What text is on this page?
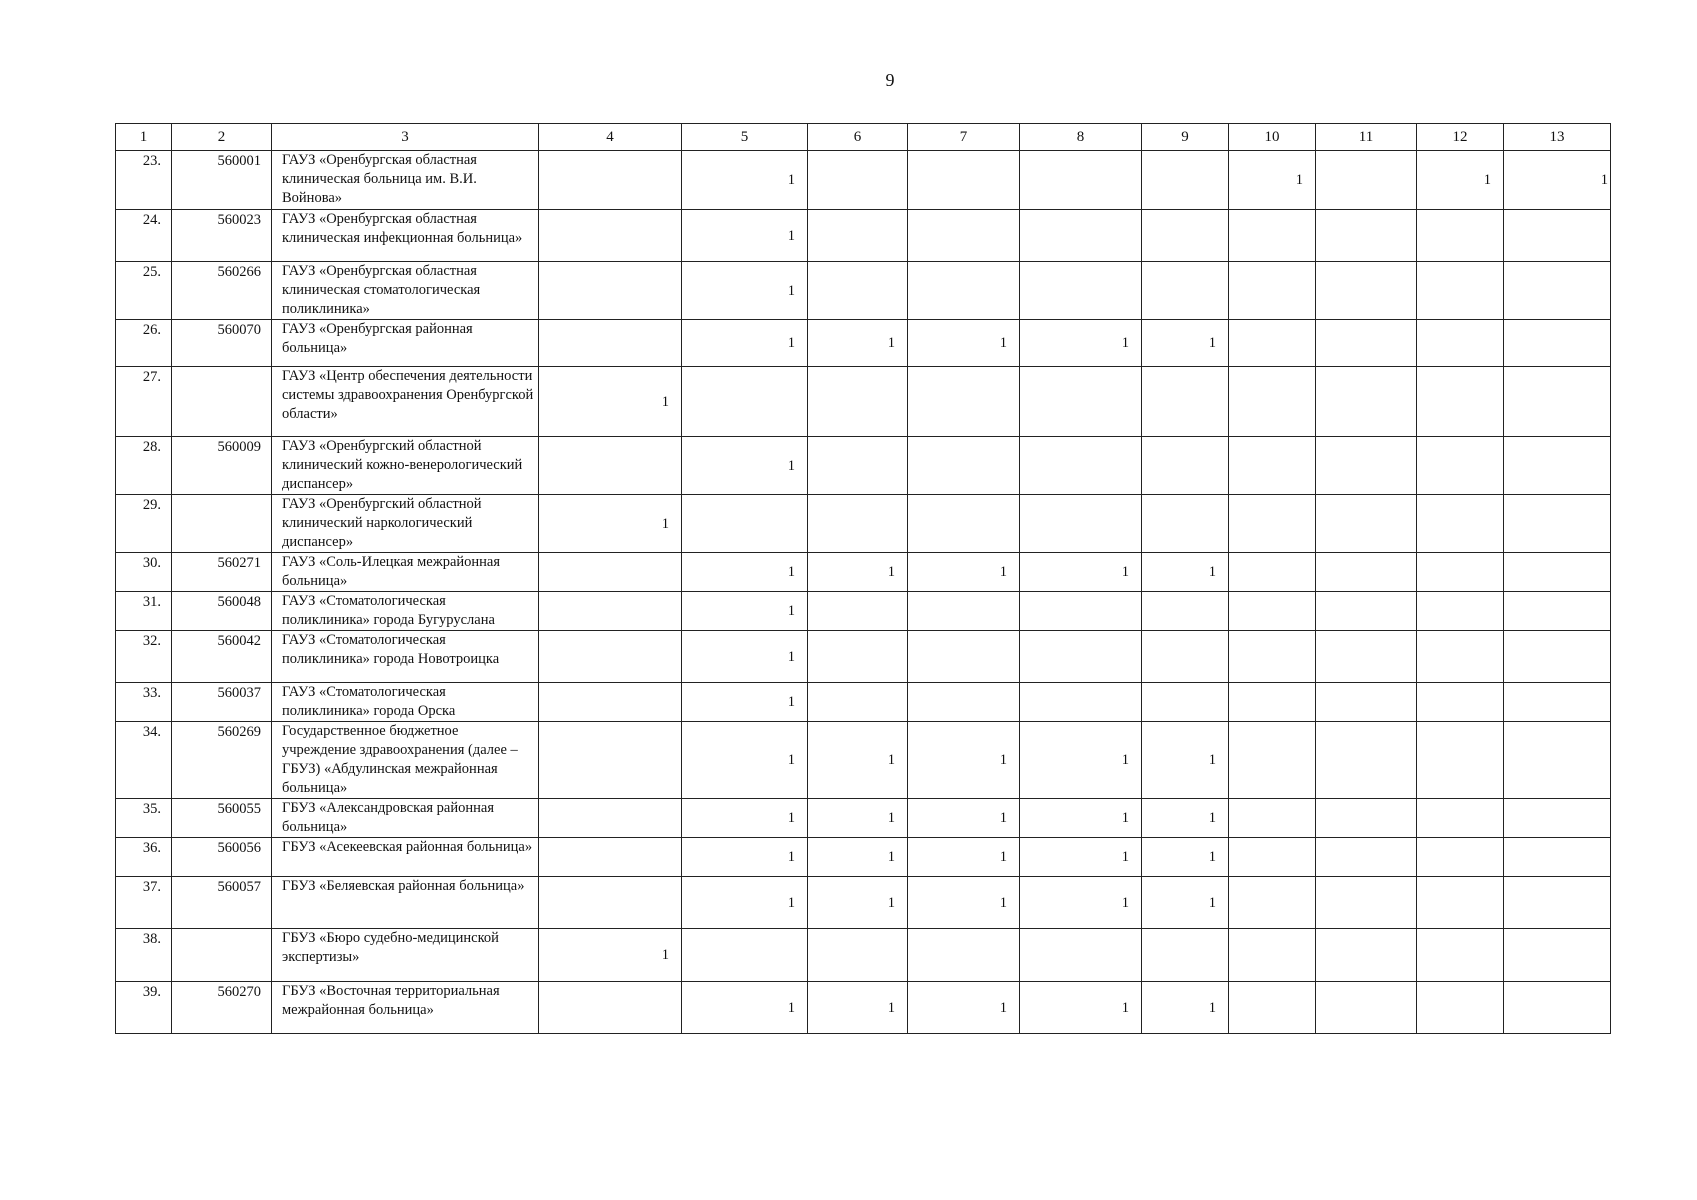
9
1	2	3	4	5	6	7	8	9	10	11	12	13
23.	560001	ГАУЗ «Оренбургская областная клиническая больница им. В.И. Войнова»		1					1		1	1
24.	560023	ГАУЗ «Оренбургская областная клиническая инфекционная больница»		1								
25.	560266	ГАУЗ «Оренбургская областная клиническая стоматологическая поликлиника»		1								
26.	560070	ГАУЗ «Оренбургская районная больница»		1	1	1	1	1				
27.		ГАУЗ «Центр обеспечения деятельности системы здравоохранения Оренбургской области»	1									
28.	560009	ГАУЗ «Оренбургский областной клинический кожно-венерологический диспансер»		1								
29.		ГАУЗ «Оренбургский областной клинический наркологический диспансер»	1									
30.	560271	ГАУЗ «Соль-Илецкая межрайонная больница»		1	1	1	1	1				
31.	560048	ГАУЗ «Стоматологическая поликлиника» города Бугуруслана		1								
32.	560042	ГАУЗ «Стоматологическая поликлиника» города Новотроицка		1								
33.	560037	ГАУЗ «Стоматологическая поликлиника» города Орска		1								
34.	560269	Государственное бюджетное учреждение здравоохранения (далее – ГБУЗ) «Абдулинская межрайонная больница»		1	1	1	1	1				
35.	560055	ГБУЗ «Александровская районная больница»		1	1	1	1	1				
36.	560056	ГБУЗ «Асекеевская районная больница»		1	1	1	1	1				
37.	560057	ГБУЗ «Беляевская районная больница»		1	1	1	1	1				
38.		ГБУЗ «Бюро судебно-медицинской экспертизы»	1									
39.	560270	ГБУЗ «Восточная территориальная межрайонная больница»		1	1	1	1	1				
